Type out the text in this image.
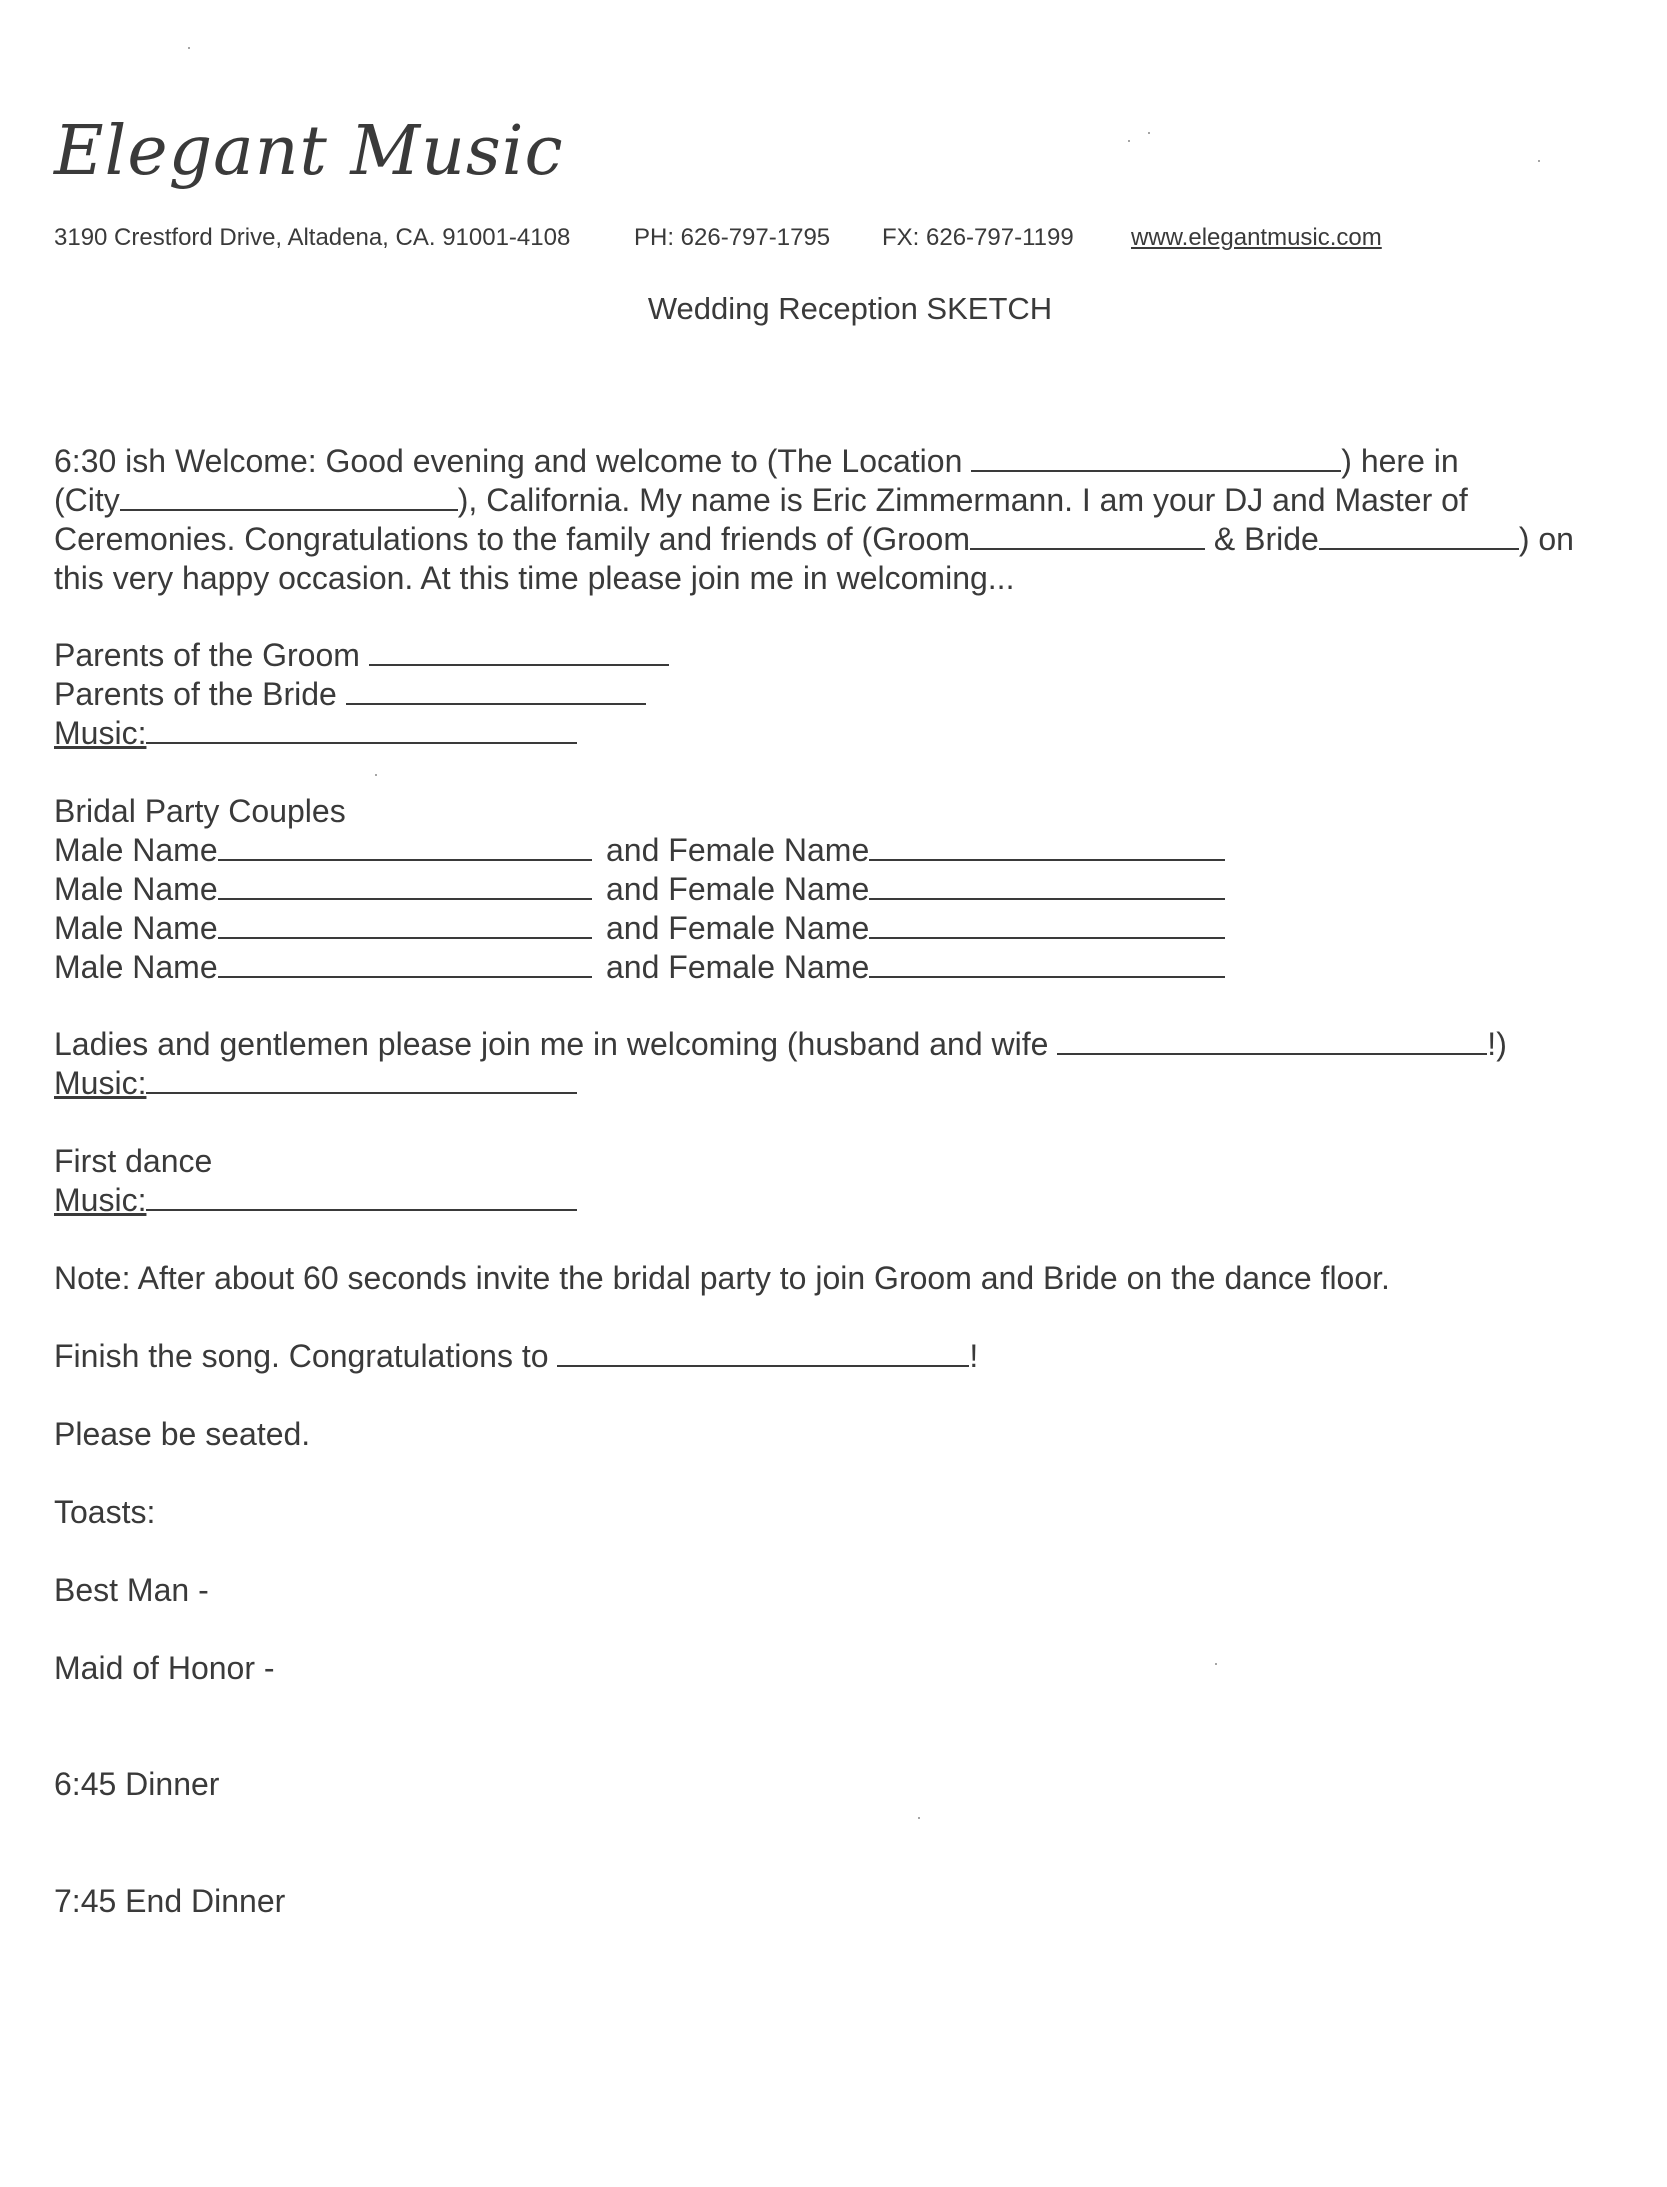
Elegant Music
3190 Crestford Drive, Altadena, CA. 91001-4108	PH: 626-797-1795 FX: 626-797-1199 www.elegantmusic.com
Wedding Reception SKETCH
6:30 ish Welcome: Good evening and welcome to (The Location	) here in
(City	), California. My name is Eric Zimmermann. I am your DJ and Master of
Ceremonies. Congratulations to the family and friends of (Groom	& Bride	) on
this very happy occasion. At this time please join me in welcoming...
Parents of the Groom
Parents of the Bride
Music:
Bridal Party Couples
Male Name	and Female Name
Male Name	and Female Name
Male Name	and Female Name
Male Name	and Female Name
Ladies and gentlemen please join me in welcoming (husband and wife	!)
Music:
First dance
Music:
Note: After about 60 seconds invite the bridal party to join Groom and Bride on the dance floor.
Finish the song. Congratulations to	!
Please be seated.
Toasts:
Best Man -
Maid of Honor -
6:45 Dinner
7:45 End Dinner
